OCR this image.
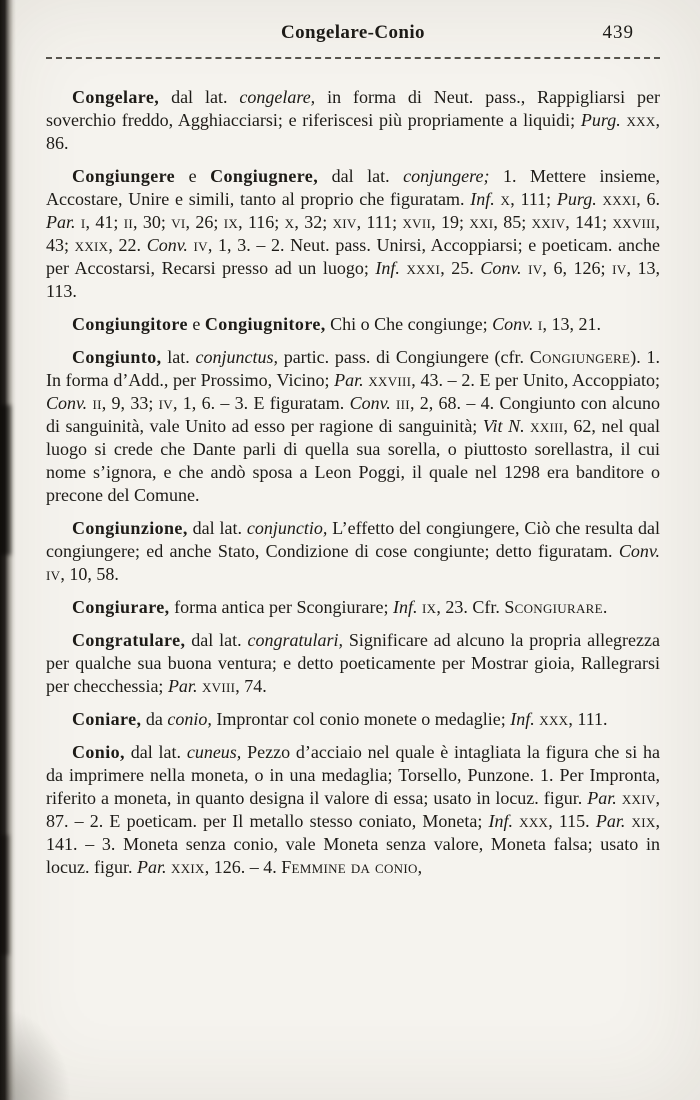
Congelare-Conio	439

Congelare, dal lat. congelare, in forma di Neut. pass., Rappigliarsi per soverchio freddo, Agghiacciarsi; e riferiscesi più propriamente a liquidi; Purg. xxx, 86.

Congiungere e Congiugnere, dal lat. conjungere; 1. Mettere insieme, Accostare, Unire e simili, tanto al proprio che figuratam. Inf. x, 111; Purg. xxxi, 6. Par. i, 41; ii, 30; vi, 26; ix, 116; x, 32; xiv, 111; xvii, 19; xxi, 85; xxiv, 141; xxviii, 43; xxix, 22. Conv. iv, 1, 3. – 2. Neut. pass. Unirsi, Accoppiarsi; e poeticam. anche per Accostarsi, Recarsi presso ad un luogo; Inf. xxxi, 25. Conv. iv, 6, 126; iv, 13, 113.

Congiungitore e Congiugnitore, Chi o Che congiunge; Conv. i, 13, 21.

Congiunto, lat. conjunctus, partic. pass. di Congiungere (cfr. Congiungere). 1. In forma d’Add., per Prossimo, Vicino; Par. xxviii, 43. – 2. E per Unito, Accoppiato; Conv. ii, 9, 33; iv, 1, 6. – 3. E figuratam. Conv. iii, 2, 68. – 4. Congiunto con alcuno di sanguinità, vale Unito ad esso per ragione di sanguinità; Vit N. xxiii, 62, nel qual luogo si crede che Dante parli di quella sua sorella, o piuttosto sorellastra, il cui nome s’ignora, e che andò sposa a Leon Poggi, il quale nel 1298 era banditore o precone del Comune.

Congiunzione, dal lat. conjunctio, L’effetto del congiungere, Ciò che resulta dal congiungere; ed anche Stato, Condizione di cose congiunte; detto figuratam. Conv. iv, 10, 58.

Congiurare, forma antica per Scongiurare; Inf. ix, 23. Cfr. Scongiurare.

Congratulare, dal lat. congratulari, Significare ad alcuno la propria allegrezza per qualche sua buona ventura; e detto poeticamente per Mostrar gioia, Rallegrarsi per checchessia; Par. xviii, 74.

Coniare, da conio, Improntar col conio monete o medaglie; Inf. xxx, 111.

Conio, dal lat. cuneus, Pezzo d’acciaio nel quale è intagliata la figura che si ha da imprimere nella moneta, o in una medaglia; Torsello, Punzone. 1. Per Impronta, riferito a moneta, in quanto designa il valore di essa; usato in locuz. figur. Par. xxiv, 87. – 2. E poeticam. per Il metallo stesso coniato, Moneta; Inf. xxx, 115. Par. xix, 141. – 3. Moneta senza conio, vale Moneta senza valore, Moneta falsa; usato in locuz. figur. Par. xxix, 126. – 4. Femmine da conio,
